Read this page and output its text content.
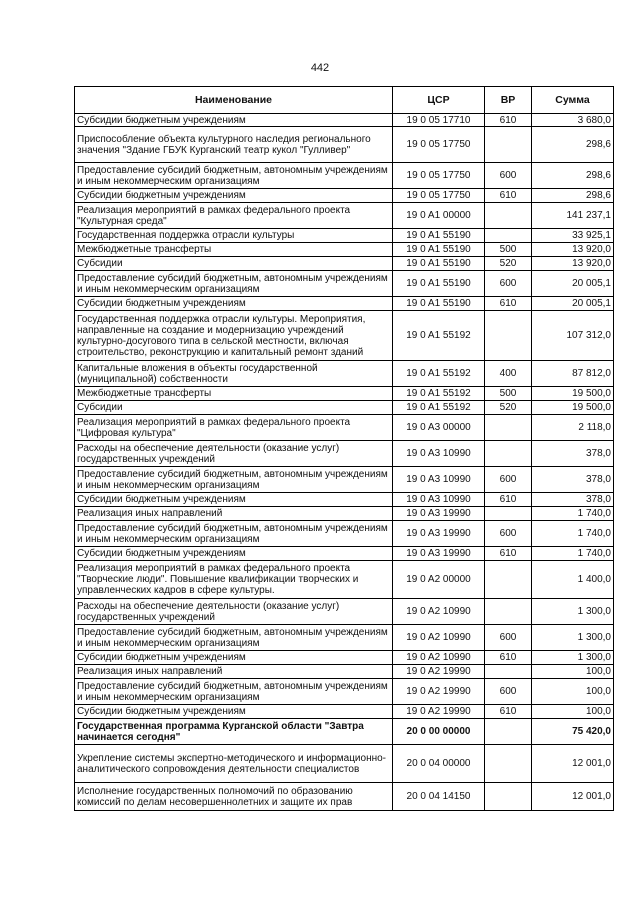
442
Наименование	ЦСР	ВР	Сумма
Субсидии бюджетным учреждениям	19 0 05 17710	610	3 680,0
Приспособление объекта культурного наследия регионального значения "Здание ГБУК Курганский театр кукол "Гулливер"	19 0 05 17750		298,6
Предоставление субсидий бюджетным, автономным учреждениям и иным некоммерческим организациям	19 0 05 17750	600	298,6
Субсидии бюджетным учреждениям	19 0 05 17750	610	298,6
Реализация мероприятий в рамках федерального проекта "Культурная среда"	19 0 A1 00000		141 237,1
Государственная поддержка отрасли культуры	19 0 A1 55190		33 925,1
Межбюджетные трансферты	19 0 A1 55190	500	13 920,0
Субсидии	19 0 A1 55190	520	13 920,0
Предоставление субсидий бюджетным, автономным учреждениям и иным некоммерческим организациям	19 0 A1 55190	600	20 005,1
Субсидии бюджетным учреждениям	19 0 A1 55190	610	20 005,1
Государственная поддержка отрасли культуры. Мероприятия, направленные на создание и модернизацию учреждений культурно-досугового типа в сельской местности, включая строительство, реконструкцию и капитальный ремонт зданий	19 0 A1 55192		107 312,0
Капитальные вложения в объекты государственной (муниципальной) собственности	19 0 A1 55192	400	87 812,0
Межбюджетные трансферты	19 0 A1 55192	500	19 500,0
Субсидии	19 0 A1 55192	520	19 500,0
Реализация мероприятий в рамках федерального проекта "Цифровая культура"	19 0 A3 00000		2 118,0
Расходы на обеспечение деятельности (оказание услуг) государственных учреждений	19 0 A3 10990		378,0
Предоставление субсидий бюджетным, автономным учреждениям и иным некоммерческим организациям	19 0 A3 10990	600	378,0
Субсидии бюджетным учреждениям	19 0 A3 10990	610	378,0
Реализация иных направлений	19 0 A3 19990		1 740,0
Предоставление субсидий бюджетным, автономным учреждениям и иным некоммерческим организациям	19 0 A3 19990	600	1 740,0
Субсидии бюджетным учреждениям	19 0 A3 19990	610	1 740,0
Реализация мероприятий в рамках федерального проекта "Творческие люди". Повышение квалификации творческих и управленческих кадров в сфере культуры.	19 0 A2 00000		1 400,0
Расходы на обеспечение деятельности (оказание услуг) государственных учреждений	19 0 A2 10990		1 300,0
Предоставление субсидий бюджетным, автономным учреждениям и иным некоммерческим организациям	19 0 A2 10990	600	1 300,0
Субсидии бюджетным учреждениям	19 0 A2 10990	610	1 300,0
Реализация иных направлений	19 0 A2 19990		100,0
Предоставление субсидий бюджетным, автономным учреждениям и иным некоммерческим организациям	19 0 A2 19990	600	100,0
Субсидии бюджетным учреждениям	19 0 A2 19990	610	100,0
Государственная программа Курганской области "Завтра начинается сегодня"	20 0 00 00000		75 420,0
Укрепление системы экспертно-методического и информационно-аналитического сопровождения деятельности специалистов	20 0 04 00000		12 001,0
Исполнение государственных полномочий по образованию комиссий по делам несовершеннолетних и защите их прав	20 0 04 14150		12 001,0
